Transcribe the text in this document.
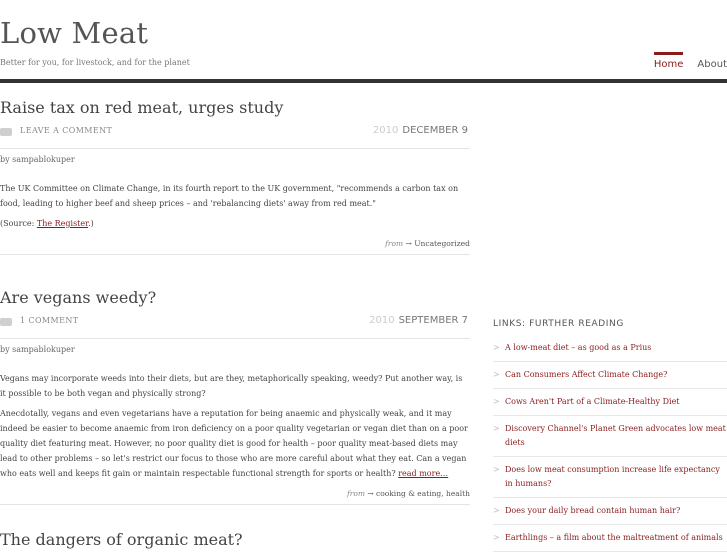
Low Meat
Better for you, for livestock, and for the planet	Home About
Raise tax on red meat, urges study
LEAVE A COMMENT	2010 DECEMBER 9
by sampablokuper

The UK Committee on Climate Change, in its fourth report to the UK government, "recommends a carbon tax on food, leading to higher beef and sheep prices – and 'rebalancing diets' away from red meat."

(Source: The Register.)

from → Uncategorized
Are vegans weedy?
1 COMMENT	2010 SEPTEMBER 7
by sampablokuper

Vegans may incorporate weeds into their diets, but are they, metaphorically speaking, weedy? Put another way, is it possible to be both vegan and physically strong?

Anecdotally, vegans and even vegetarians have a reputation for being anaemic and physically weak, and it may indeed be easier to become anaemic from iron deficiency on a poor quality vegetarian or vegan diet than on a poor quality diet featuring meat. However, no poor quality diet is good for health – poor quality meat-based diets may lead to other problems – so let's restrict our focus to those who are more careful about what they eat. Can a vegan who eats well and keeps fit gain or maintain respectable functional strength for sports or health? read more…

from → cooking & eating, health
The dangers of organic meat?
LINKS: FURTHER READING
> A low-meat diet – as good as a Prius
> Can Consumers Affect Climate Change?
> Cows Aren't Part of a Climate-Healthy Diet
> Discovery Channel's Planet Green advocates low meat diets
> Does low meat consumption increase life expectancy in humans?
> Does your daily bread contain human hair?
> Earthlings – a film about the maltreatment of animals
